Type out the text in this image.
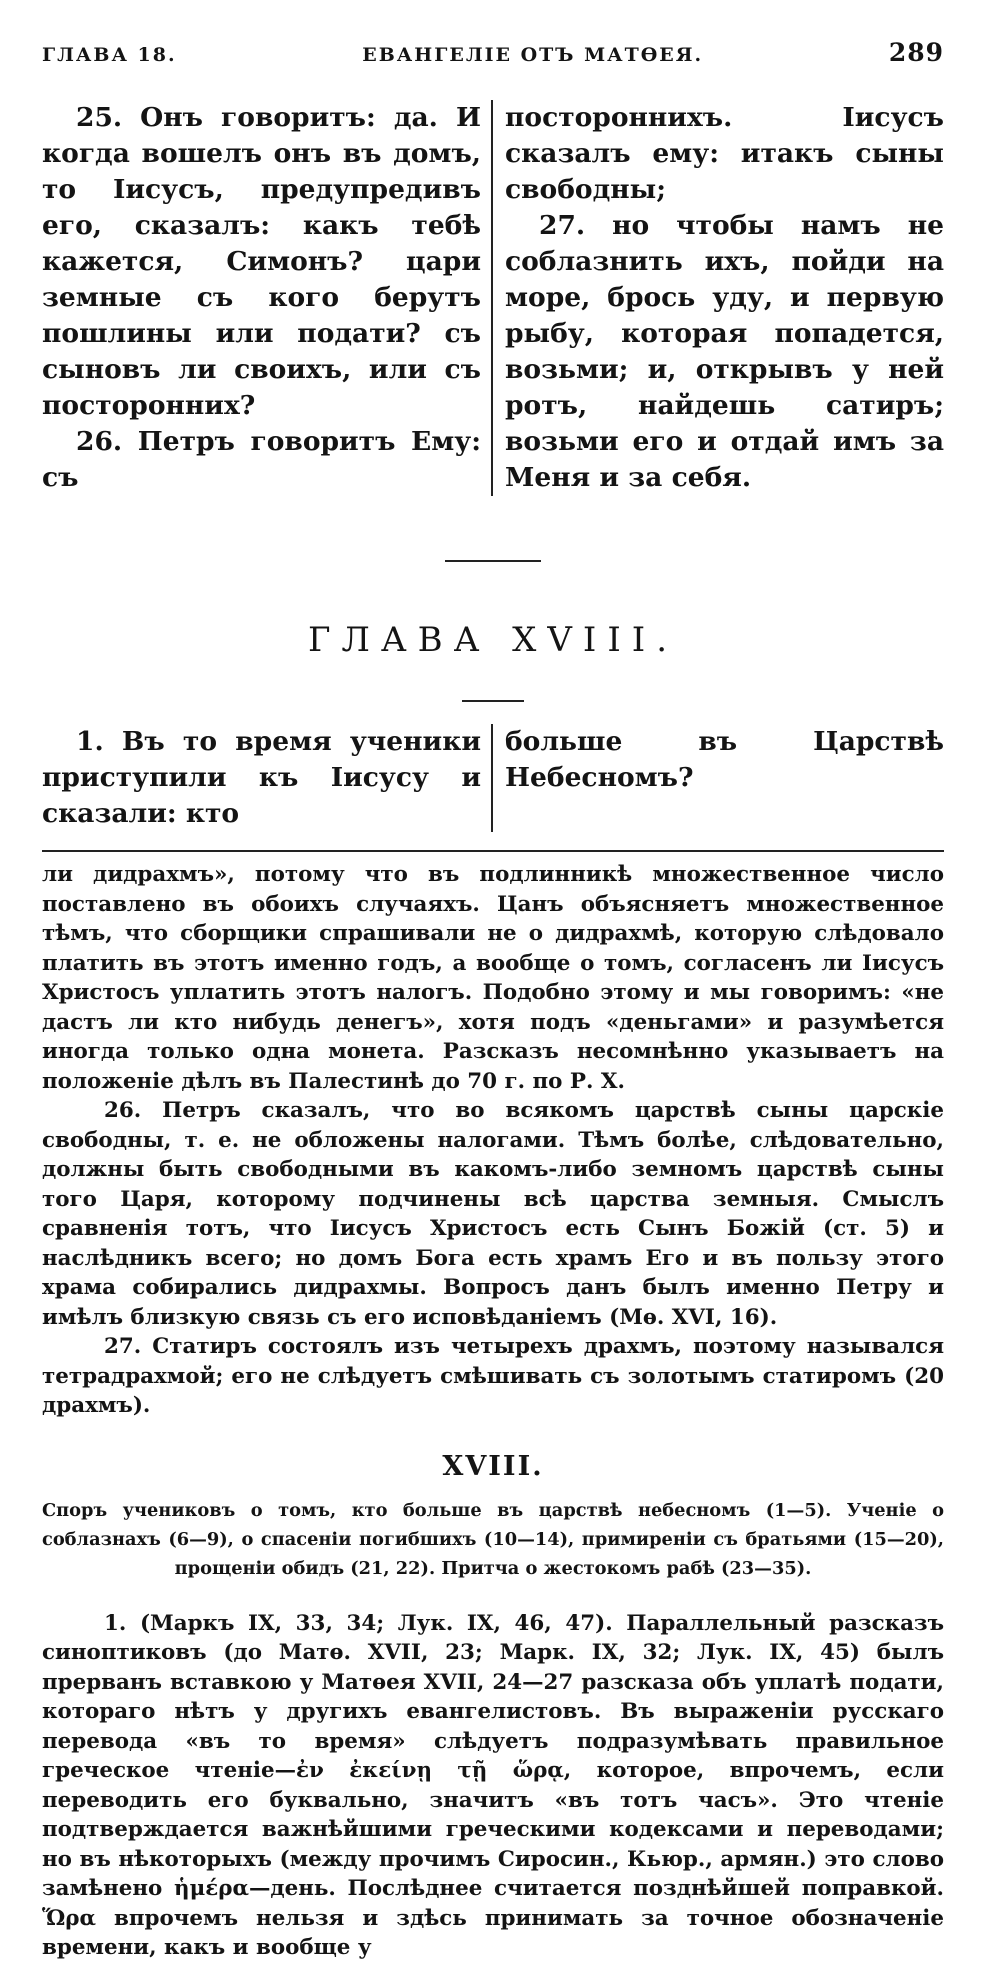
ГЛАВА 18.	ЕВАНГЕЛІЕ ОТЪ МАТѲЕЯ.	289

25. Онъ говоритъ: да. И когда вошелъ онъ въ домъ, то Іисусъ, предупредивъ его, сказалъ: какъ тебѣ кажется, Симонъ? цари земные съ кого берутъ пошлины или подати? съ сыновъ ли своихъ, или съ посторонних?

26. Петръ говоритъ Ему: съ

постороннихъ. Іисусъ сказалъ ему: итакъ сыны свободны;

27. но чтобы намъ не соблазнить ихъ, пойди на море, брось уду, и первую рыбу, которая попадется, возьми; и, открывъ у ней ротъ, найдешь сатиръ; возьми его и отдай имъ за Меня и за себя.

ГЛАВА XVIII.

1. Въ то время ученики приступили къ Іисусу и сказали: кто

больше въ Царствѣ Небесномъ?

ли дидрахмъ», потому что въ подлинникѣ множественное число поставлено въ обоихъ случаяхъ. Цанъ объясняетъ множественное тѣмъ, что сборщики спрашивали не о дидрахмѣ, которую слѣдовало платить въ этотъ именно годъ, а вообще о томъ, согласенъ ли Іисусъ Христосъ уплатить этотъ налогъ. Подобно этому и мы говоримъ: «не дастъ ли кто нибудь денегъ», хотя подъ «деньгами» и разумѣется иногда только одна монета. Разсказъ несомнѣнно указываетъ на положеніе дѣлъ въ Палестинѣ до 70 г. по Р. Х.

26. Петръ сказалъ, что во всякомъ царствѣ сыны царскіе свободны, т. е. не обложены налогами. Тѣмъ болѣе, слѣдовательно, должны быть свободными въ какомъ-либо земномъ царствѣ сыны того Царя, которому подчинены всѣ царства земныя. Смыслъ сравненія тотъ, что Іисусъ Христосъ есть Сынъ Божій (ст. 5) и наслѣдникъ всего; но домъ Бога есть храмъ Его и въ пользу этого храма собирались дидрахмы. Вопросъ данъ былъ именно Петру и имѣлъ близкую связь съ его исповѣданіемъ (Мѳ. XVI, 16).

27. Статиръ состоялъ изъ четырехъ драхмъ, поэтому назывался тетрадрахмой; его не слѣдуетъ смѣшивать съ золотымъ статиромъ (20 драхмъ).

XVIII.
Споръ учениковъ о томъ, кто больше въ царствѣ небесномъ (1—5). Ученіе о соблазнахъ (6—9), о спасеніи погибшихъ (10—14), примиреніи съ братьями (15—20), прощеніи обидъ (21, 22). Притча о жестокомъ рабѣ (23—35).

1. (Маркъ IX, 33, 34; Лук. IX, 46, 47). Параллельный разсказъ синоптиковъ (до Матѳ. XVII, 23; Марк. IX, 32; Лук. IX, 45) былъ прерванъ вставкою у Матѳея XVII, 24—27 разсказа объ уплатѣ подати, котораго нѣтъ у другихъ евангелистовъ. Въ выраженіи русскаго перевода «въ то время» слѣдуетъ подразумѣвать правильное греческое чтеніе—ἐν ἐκείνῃ τῇ ὥρᾳ, которое, впрочемъ, если переводить его буквально, значитъ «въ тотъ часъ». Это чтеніе подтверждается важнѣйшими греческими кодексами и переводами; но въ нѣкоторыхъ (между прочимъ Сиросин., Кьюр., армян.) это слово замѣнено ἡμέρα—день. Послѣднее считается позднѣйшей поправкой. Ὥρα впрочемъ нельзя и здѣсь принимать за точное обозначеніе времени, какъ и вообще у
